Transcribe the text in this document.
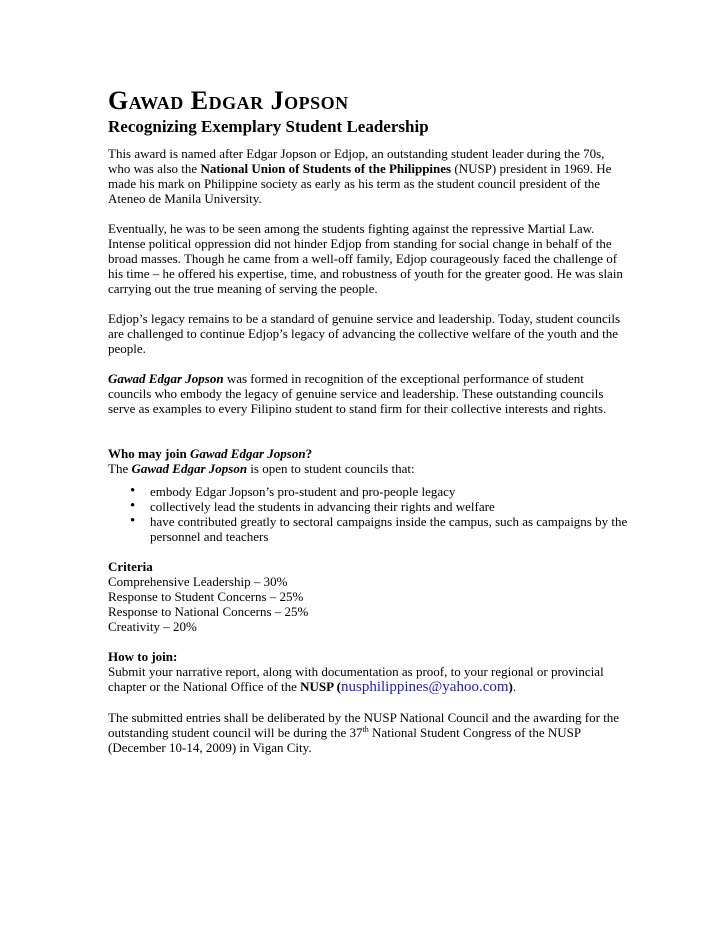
Gawad Edgar Jopson
Recognizing Exemplary Student Leadership

This award is named after Edgar Jopson or Edjop, an outstanding student leader during the 70s, who was also the National Union of Students of the Philippines (NUSP) president in 1969. He made his mark on Philippine society as early as his term as the student council president of the Ateneo de Manila University.

Eventually, he was to be seen among the students fighting against the repressive Martial Law. Intense political oppression did not hinder Edjop from standing for social change in behalf of the broad masses. Though he came from a well-off family, Edjop courageously faced the challenge of his time – he offered his expertise, time, and robustness of youth for the greater good. He was slain carrying out the true meaning of serving the people.

Edjop’s legacy remains to be a standard of genuine service and leadership. Today, student councils are challenged to continue Edjop’s legacy of advancing the collective welfare of the youth and the people.

Gawad Edgar Jopson was formed in recognition of the exceptional performance of student councils who embody the legacy of genuine service and leadership. These outstanding councils serve as examples to every Filipino student to stand firm for their collective interests and rights.

Who may join Gawad Edgar Jopson?
The Gawad Edgar Jopson is open to student councils that:
• embody Edgar Jopson’s pro-student and pro-people legacy
• collectively lead the students in advancing their rights and welfare
• have contributed greatly to sectoral campaigns inside the campus, such as campaigns by the personnel and teachers
Criteria
Comprehensive Leadership – 30%
Response to Student Concerns – 25%
Response to National Concerns – 25%
Creativity – 20%
How to join:
Submit your narrative report, along with documentation as proof, to your regional or provincial chapter or the National Office of the NUSP (nusphilippines@yahoo.com).

The submitted entries shall be deliberated by the NUSP National Council and the awarding for the outstanding student council will be during the 37th National Student Congress of the NUSP (December 10-14, 2009) in Vigan City.
